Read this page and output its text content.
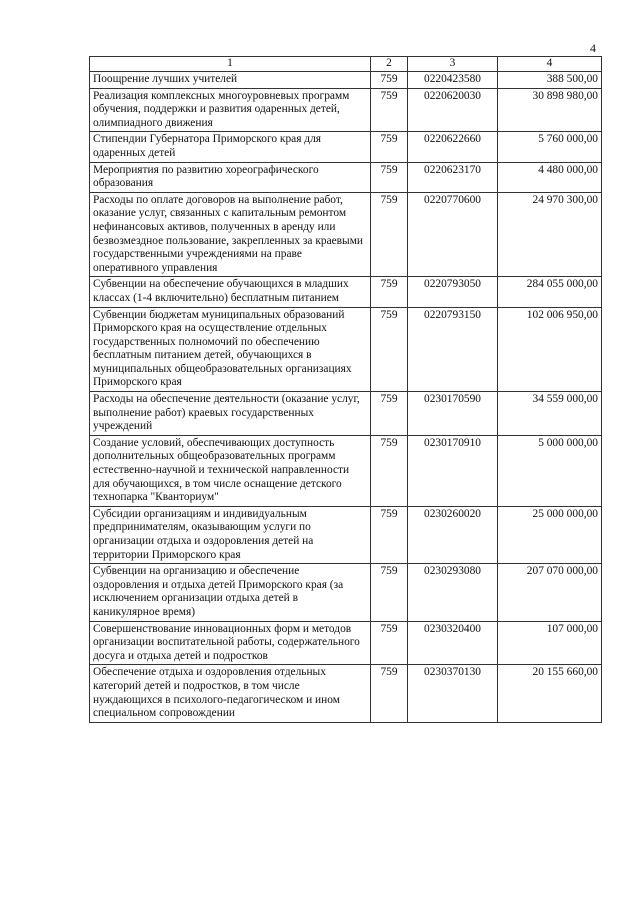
4
1	2	3	4
Поощрение лучших учителей	759	0220423580	388 500,00
Реализация комплексных многоуровневых программ обучения, поддержки и развития одаренных детей, олимпиадного движения	759	0220620030	30 898 980,00
Стипендии Губернатора Приморского края для одаренных детей	759	0220622660	5 760 000,00
Мероприятия по развитию хореографического образования	759	0220623170	4 480 000,00
Расходы по оплате договоров на выполнение работ, оказание услуг, связанных с капитальным ремонтом нефинансовых активов, полученных в аренду или безвозмездное пользование, закрепленных за краевыми государственными учреждениями на праве оперативного управления	759	0220770600	24 970 300,00
Субвенции на обеспечение обучающихся в младших классах (1-4 включительно) бесплатным питанием	759	0220793050	284 055 000,00
Субвенции бюджетам муниципальных образований Приморского края на осуществление отдельных государственных полномочий по обеспечению бесплатным питанием детей, обучающихся в муниципальных общеобразовательных организациях Приморского края	759	0220793150	102 006 950,00
Расходы на обеспечение деятельности (оказание услуг, выполнение работ) краевых государственных учреждений	759	0230170590	34 559 000,00
Создание условий, обеспечивающих доступность дополнительных общеобразовательных программ естественно-научной и технической направленности для обучающихся, в том числе оснащение детского технопарка "Кванториум"	759	0230170910	5 000 000,00
Субсидии организациям и индивидуальным предпринимателям, оказывающим услуги по организации отдыха и оздоровления детей на территории Приморского края	759	0230260020	25 000 000,00
Субвенции на организацию и обеспечение оздоровления и отдыха детей Приморского края (за исключением организации отдыха детей в каникулярное время)	759	0230293080	207 070 000,00
Совершенствование инновационных форм и методов организации воспитательной работы, содержательного досуга и отдыха детей и подростков	759	0230320400	107 000,00
Обеспечение отдыха и оздоровления отдельных категорий детей и подростков, в том числе нуждающихся в психолого-педагогическом и ином специальном сопровождении	759	0230370130	20 155 660,00
